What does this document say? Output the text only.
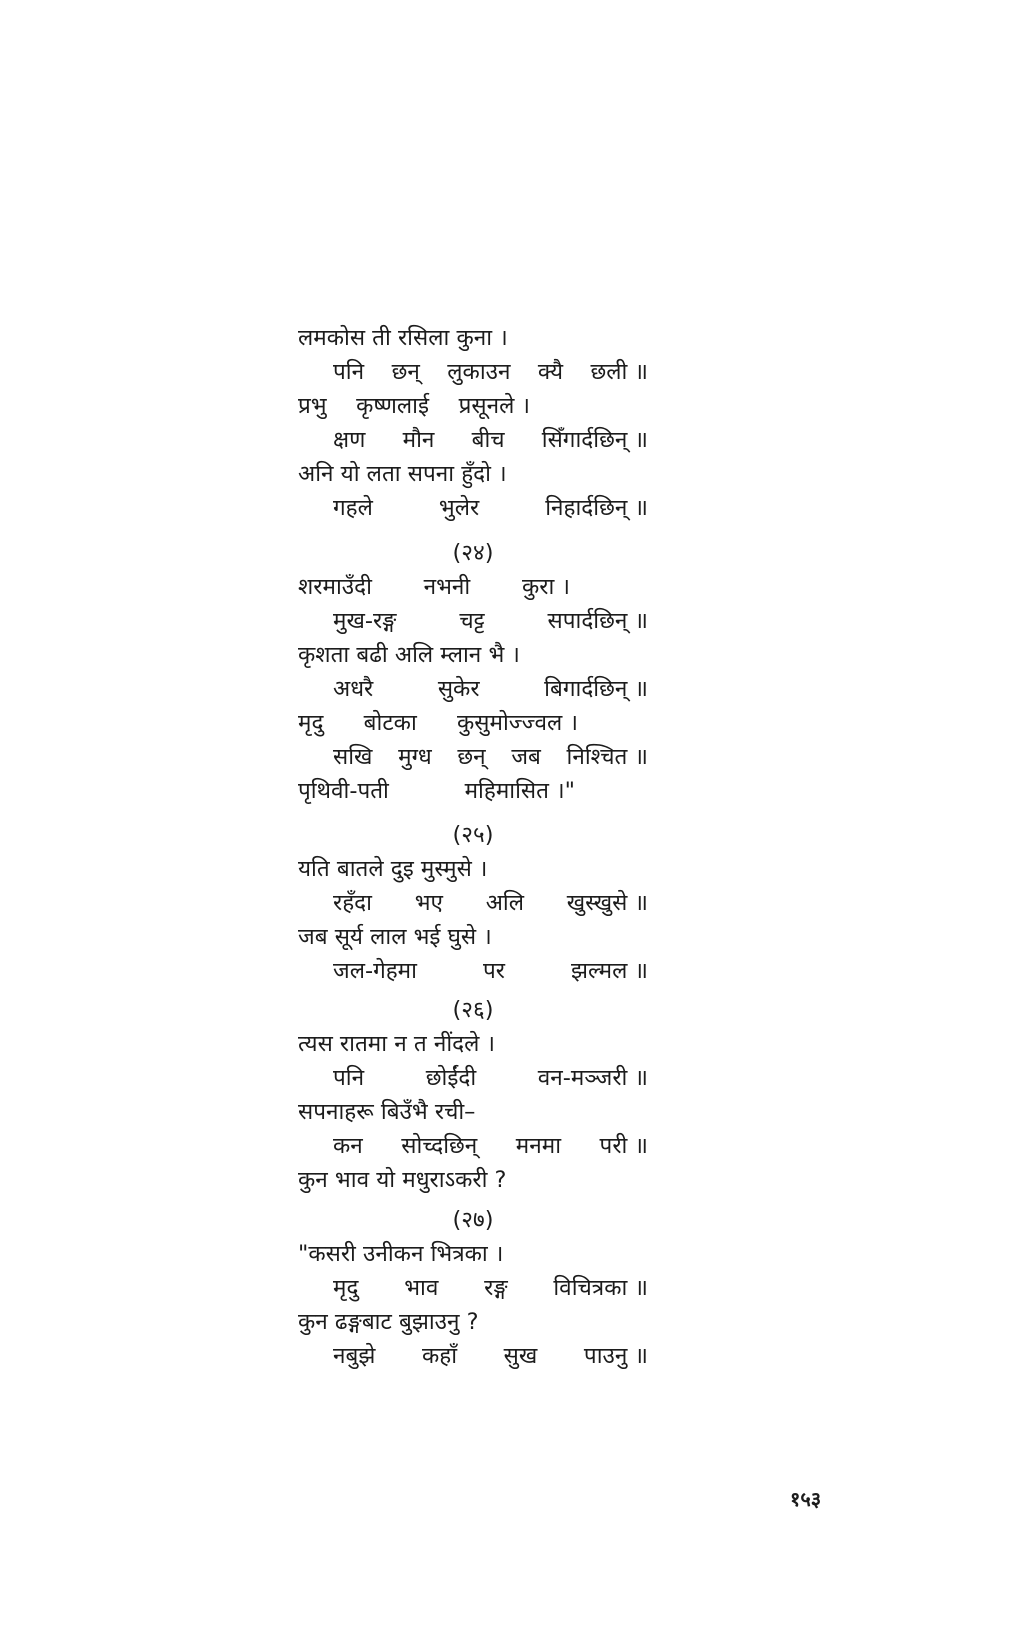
लमकोस ती रसिला कुना ।
पनि छन् लुकाउन क्यै छली ॥
प्रभु कृष्णलाई प्रसूनले ।
क्षण मौन बीच सिँगार्दछिन् ॥
अनि यो लता सपना हुँदो ।
गहले	भुलेर	निहार्दछिन् ॥
(२४)
शरमाउँदी नभनी कुरा ।
मुख-रङ्ग	चट्ट	सपार्दछिन् ॥
कृशता बढी अलि म्लान भै ।
अधरै	सुकेर	बिगार्दछिन् ॥
मृदु बोटका कुसुमोज्ज्वल ।
सखि मुग्ध छन् जब निश्चित ॥
पृथिवी-पती	महिमासित ।"
(२५)
यति बातले दुइ मुस्मुसे ।
रहँदा भए अलि खुस्खुसे ॥
जब सूर्य लाल भई घुसे ।
जल-गेहमा	पर	झल्मल ॥
(२६)
त्यस रातमा न त नींदले ।
पनि	छोईंदी	वन-मञ्जरी ॥
सपनाहरू बिउँभै रची–
कन सोच्दछिन् मनमा परी ॥
कुन भाव यो मधुराऽकरी ?
(२७)
"कसरी उनीकन भित्रका ।
मृदु भाव रङ्ग विचित्रका ॥
कुन ढङ्गबाट बुझाउनु ?
नबुझे कहाँ सुख पाउनु ॥
१५३
